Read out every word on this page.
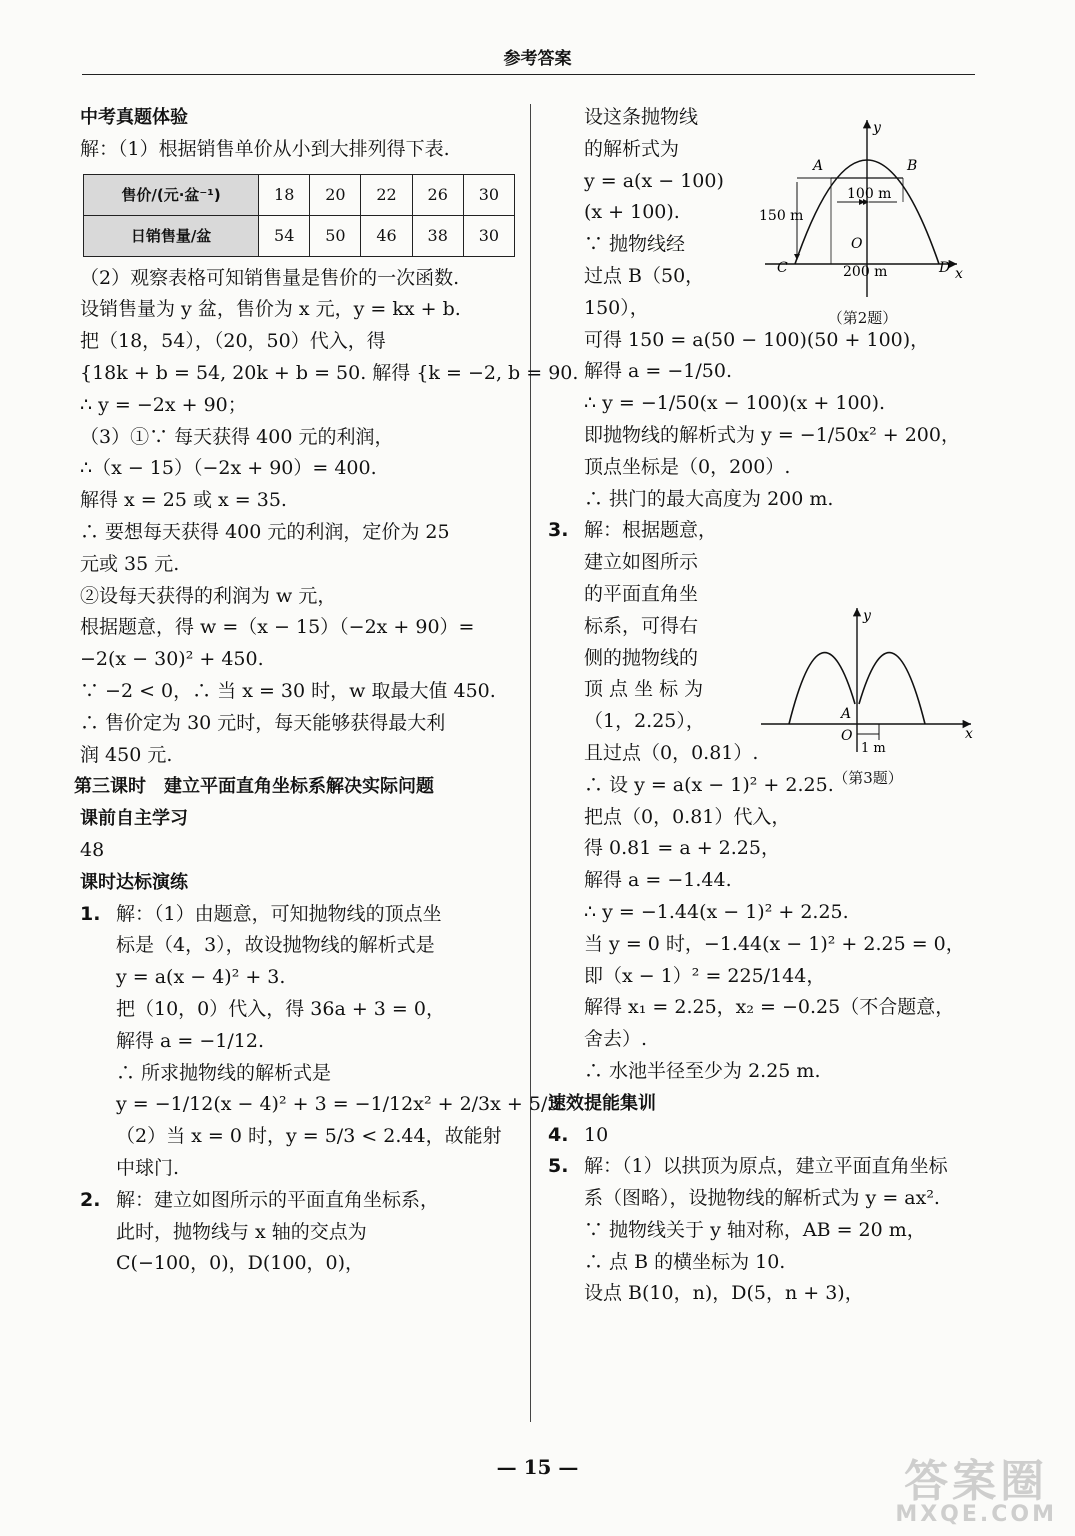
参考答案
中考真题体验
解：（1）根据销售单价从小到大排列得下表.
售价/(元·盆⁻¹)	18	20	22	26	30
日销售量/盆	54	50	46	38	30
（2）观察表格可知销售量是售价的一次函数.
设销售量为 y 盆，售价为 x 元，y = kx + b.
把（18，54），（20，50）代入，得
{18k + b = 54, 20k + b = 50. 解得 {k = −2, b = 90.
∴ y = −2x + 90；
（3）①∵ 每天获得 400 元的利润，
∴（x − 15）（−2x + 90）= 400.
解得 x = 25 或 x = 35.
∴ 要想每天获得 400 元的利润，定价为 25
元或 35 元.
②设每天获得的利润为 w 元，
根据题意，得 w =（x − 15）（−2x + 90）=
−2(x − 30)² + 450.
∵ −2 < 0，∴ 当 x = 30 时，w 取最大值 450.
∴ 售价定为 30 元时，每天能够获得最大利
润 450 元.
第三课时　建立平面直角坐标系解决实际问题
课前自主学习
48
课时达标演练
1. 解：（1）由题意，可知抛物线的顶点坐
标是（4，3），故设抛物线的解析式是
y = a(x − 4)² + 3.
把（10，0）代入，得 36a + 3 = 0，
解得 a = −1/12.
∴ 所求抛物线的解析式是
y = −1/12(x − 4)² + 3 = −1/12x² + 2/3x + 5/3.
（2）当 x = 0 时，y = 5/3 < 2.44，故能射
中球门.
2. 解：建立如图所示的平面直角坐标系，
此时，抛物线与 x 轴的交点为
C(−100，0)，D(100，0)，
设这条抛物线
的解析式为
y = a(x − 100)
(x + 100).
∵ 抛物线经
过点 B（50，
150），
可得 150 = a(50 − 100)(50 + 100)，
解得 a = −1/50.
∴ y = −1/50(x − 100)(x + 100).
即抛物线的解析式为 y = −1/50x² + 200，
顶点坐标是（0，200）.
∴ 拱门的最大高度为 200 m.
3. 解：根据题意，
建立如图所示
的平面直角坐
标系，可得右
侧的抛物线的
顶 点 坐 标 为
（1，2.25），
且过点（0，0.81）.
∴ 设 y = a(x − 1)² + 2.25.
把点（0，0.81）代入，
得 0.81 = a + 2.25，
解得 a = −1.44.
∴ y = −1.44(x − 1)² + 2.25.
当 y = 0 时，−1.44(x − 1)² + 2.25 = 0，
即（x − 1）² = 225/144，
解得 x₁ = 2.25，x₂ = −0.25（不合题意，
舍去）.
∴ 水池半径至少为 2.25 m.
速效提能集训
4. 10
5. 解：（1）以拱顶为原点，建立平面直角坐标
系（图略），设抛物线的解析式为 y = ax².
∵ 抛物线关于 y 轴对称，AB = 20 m，
∴ 点 B 的横坐标为 10.
设点 B(10，n)，D(5，n + 3)，
y
x
A	B
C	D
O
150 m
100 m
200 m
（第2题）
y
x
A
O
1 m
（第3题）
— 15 —	答案圈
MXQE.COM
